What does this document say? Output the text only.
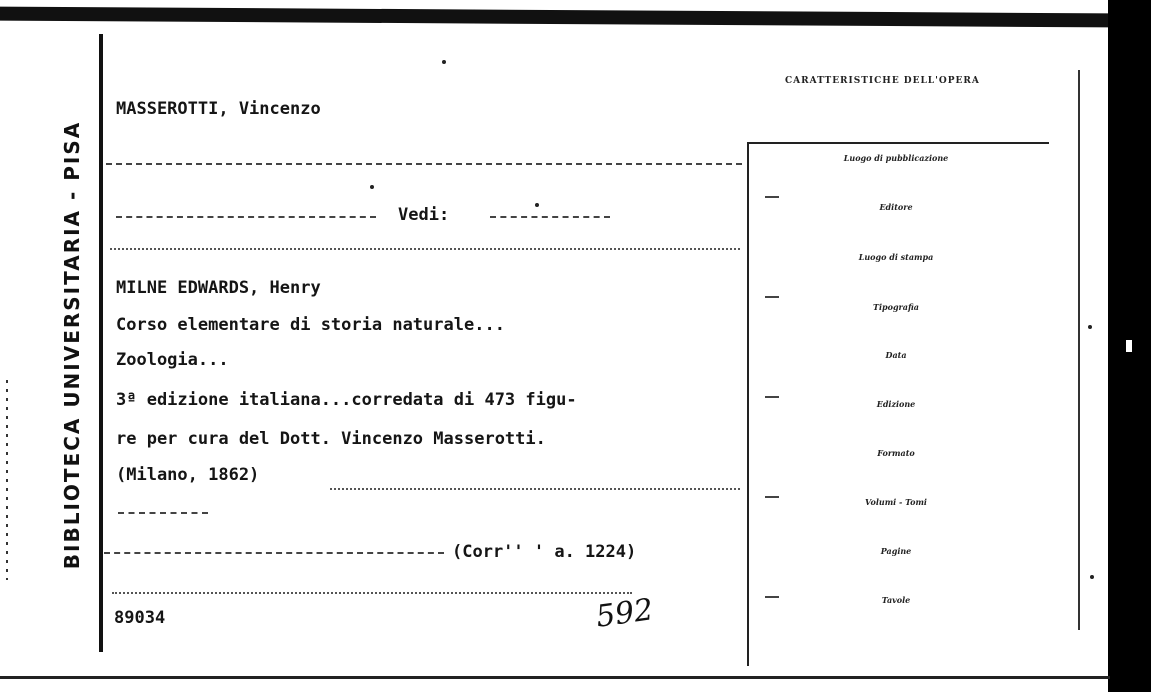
BIBLIOTECA UNIVERSITARIA - PISA
MASSEROTTI, Vincenzo
Vedi:
MILNE EDWARDS, Henry
Corso elementare di storia naturale...
Zoologia...
3ª edizione italiana...corredata di 473 figu-
re per cura del Dott. Vincenzo Masserotti.
(Milano, 1862)
(Corr'' ' a. 1224)
89034	592
CARATTERISTICHE DELL'OPERA
Luogo di pubblicazione
Editore
Luogo di stampa
Tipografia
Data
Edizione
Formato
Volumi - Tomi
Pagine
Tavole
